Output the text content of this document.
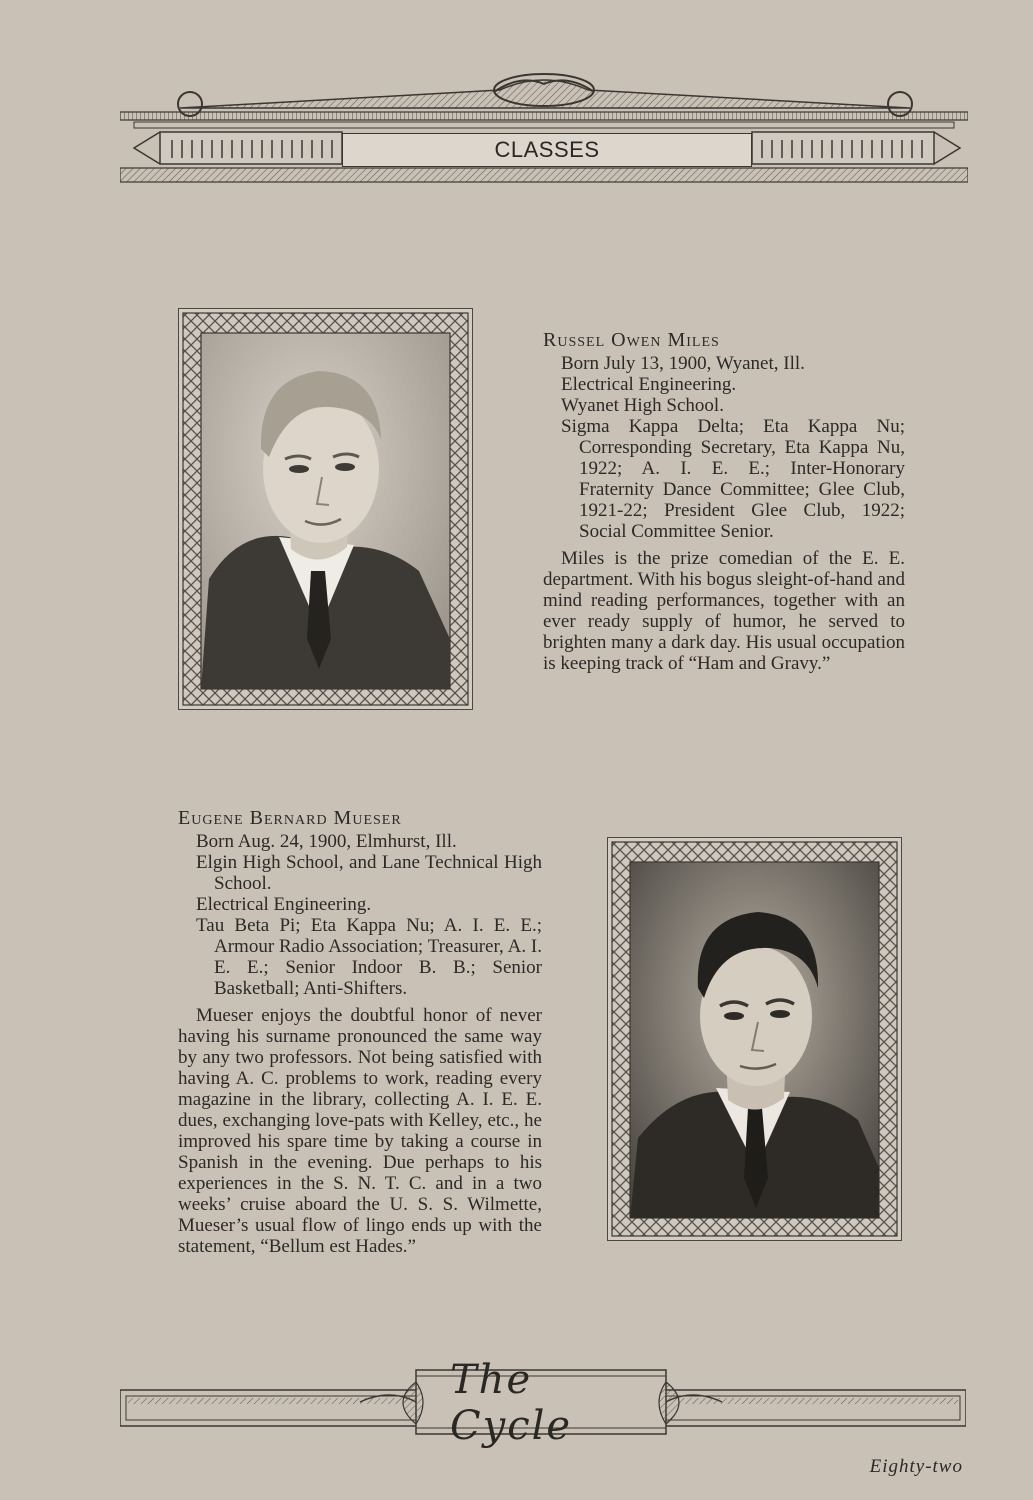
CLASSES
Russel Owen Miles
Born July 13, 1900, Wyanet, Ill.
Electrical Engineering.
Wyanet High School.
Sigma Kappa Delta; Eta Kappa Nu; Corresponding Secretary, Eta Kappa Nu, 1922; A. I. E. E.; Inter-Honorary Fraternity Dance Committee; Glee Club, 1921-22; President Glee Club, 1922; Social Committee Senior.
Miles is the prize comedian of the E. E. department. With his bogus sleight-of-hand and mind reading performances, together with an ever ready supply of humor, he served to brighten many a dark day. His usual occupation is keeping track of “Ham and Gravy.”
Eugene Bernard Mueser
Born Aug. 24, 1900, Elmhurst, Ill.
Elgin High School, and Lane Technical High School.
Electrical Engineering.
Tau Beta Pi; Eta Kappa Nu; A. I. E. E.; Armour Radio Association; Treasurer, A. I. E. E.; Senior Indoor B. B.; Senior Basketball; Anti-Shifters.
Mueser enjoys the doubtful honor of never having his surname pronounced the same way by any two professors. Not being satisfied with having A. C. problems to work, reading every magazine in the library, collecting A. I. E. E. dues, exchanging love-pats with Kelley, etc., he improved his spare time by taking a course in Spanish in the evening. Due perhaps to his experiences in the S. N. T. C. and in a two weeks’ cruise aboard the U. S. S. Wilmette, Mueser’s usual flow of lingo ends up with the statement, “Bellum est Hades.”
The Cycle
Eighty-two
